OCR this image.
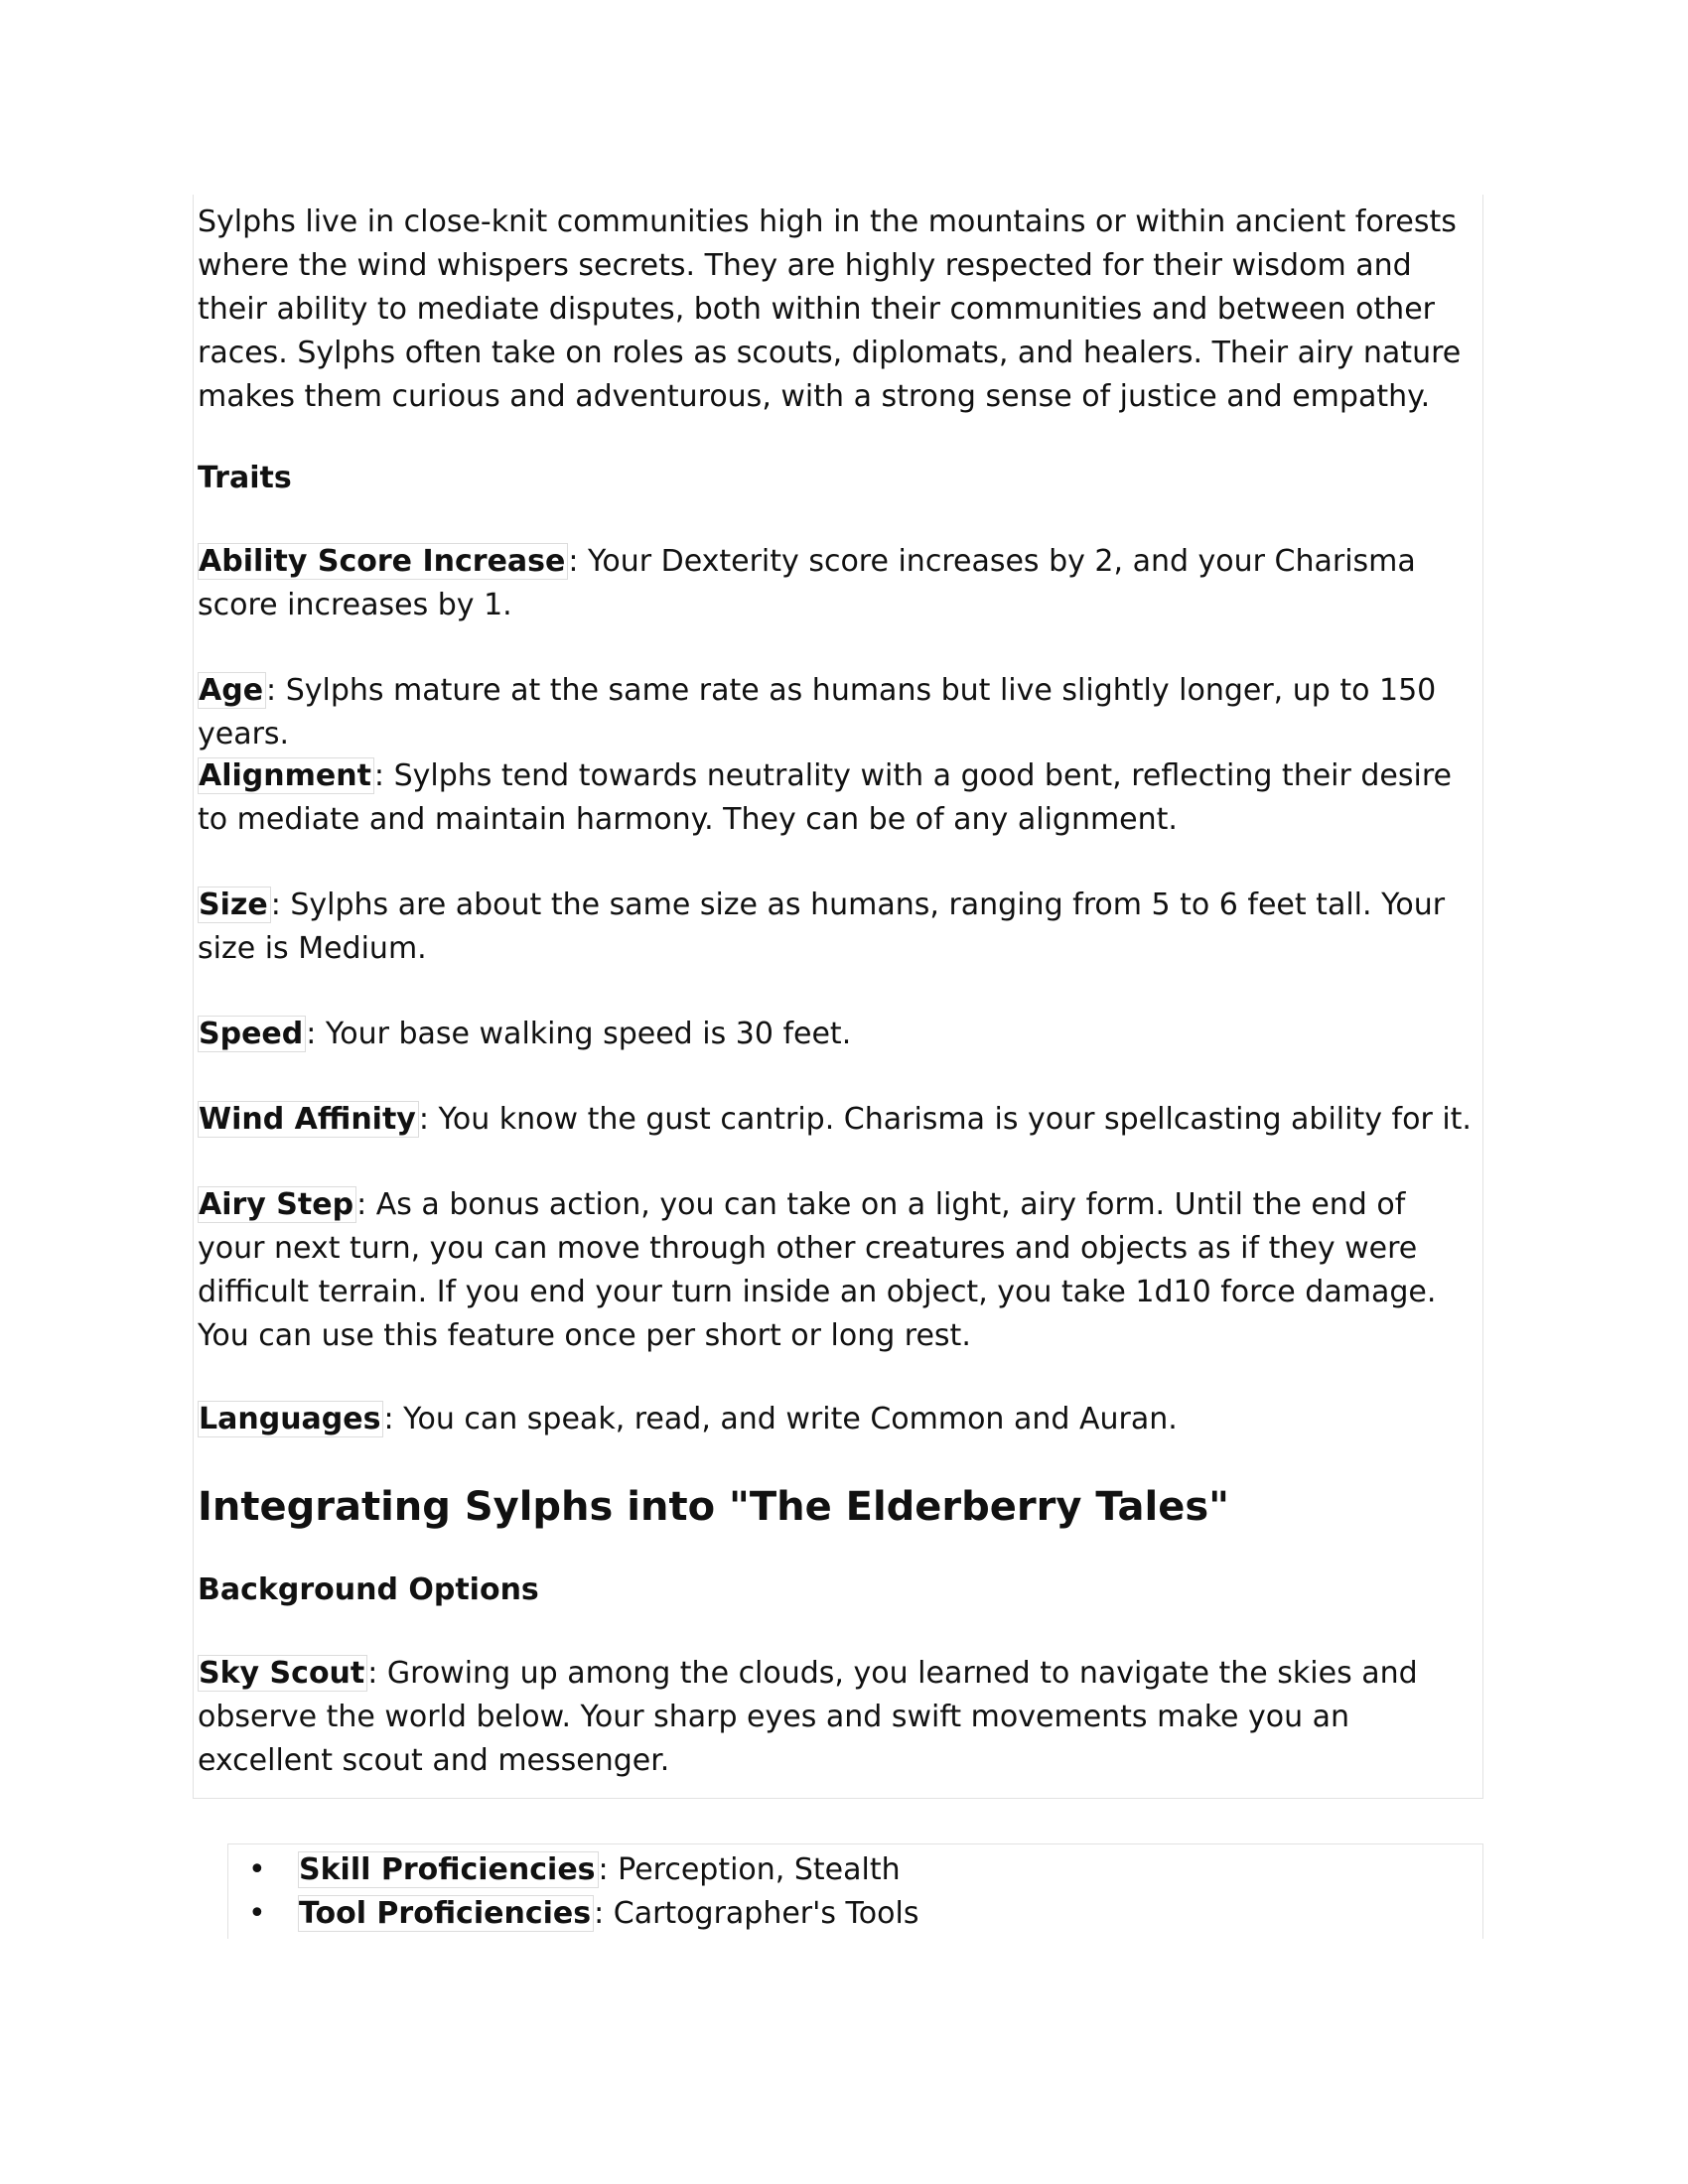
Sylphs live in close-knit communities high in the mountains or within ancient forests where the wind whispers secrets. They are highly respected for their wisdom and their ability to mediate disputes, both within their communities and between other races. Sylphs often take on roles as scouts, diplomats, and healers. Their airy nature makes them curious and adventurous, with a strong sense of justice and empathy.

Traits

Ability Score Increase : Your Dexterity score increases by 2, and your Charisma score increases by 1.

Age : Sylphs mature at the same rate as humans but live slightly longer, up to 150 years.

Alignment : Sylphs tend towards neutrality with a good bent, reflecting their desire to mediate and maintain harmony. They can be of any alignment.

Size : Sylphs are about the same size as humans, ranging from 5 to 6 feet tall. Your size is Medium.

Speed : Your base walking speed is 30 feet.

Wind Affinity : You know the gust cantrip. Charisma is your spellcasting ability for it.

Airy Step : As a bonus action, you can take on a light, airy form. Until the end of your next turn, you can move through other creatures and objects as if they were difficult terrain. If you end your turn inside an object, you take 1d10 force damage. You can use this feature once per short or long rest.

Languages : You can speak, read, and write Common and Auran.

Integrating Sylphs into "The Elderberry Tales"

Background Options

Sky Scout : Growing up among the clouds, you learned to navigate the skies and observe the world below. Your sharp eyes and swift movements make you an excellent scout and messenger.

• Skill Proficiencies : Perception, Stealth
• Tool Proficiencies : Cartographer's Tools
